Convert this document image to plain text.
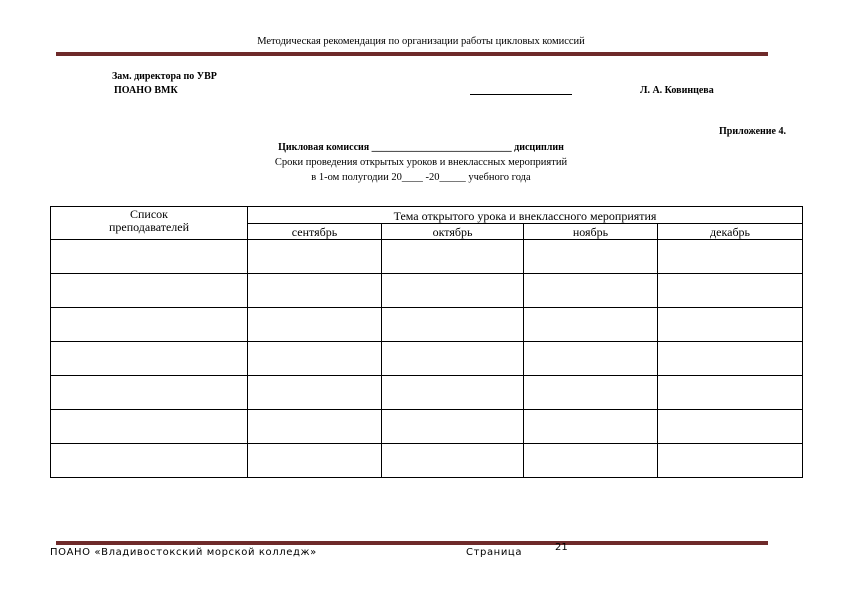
Методическая рекомендация по организации работы цикловых комиссий
Зам. директора по УВР
ПОАНО ВМК	Л. А. Ковинцева
Приложение 4.
Цикловая комиссия ____________________________ дисциплин
Сроки проведения открытых уроков и внеклассных мероприятий
в 1-ом полугодии 20____ -20_____ учебного года
Список
преподавателей	Тема открытого урока и внеклассного мероприятия			
	сентябрь	октябрь	ноябрь	декабрь

ПОАНО «Владивостокский морской колледж»	Страница	21
